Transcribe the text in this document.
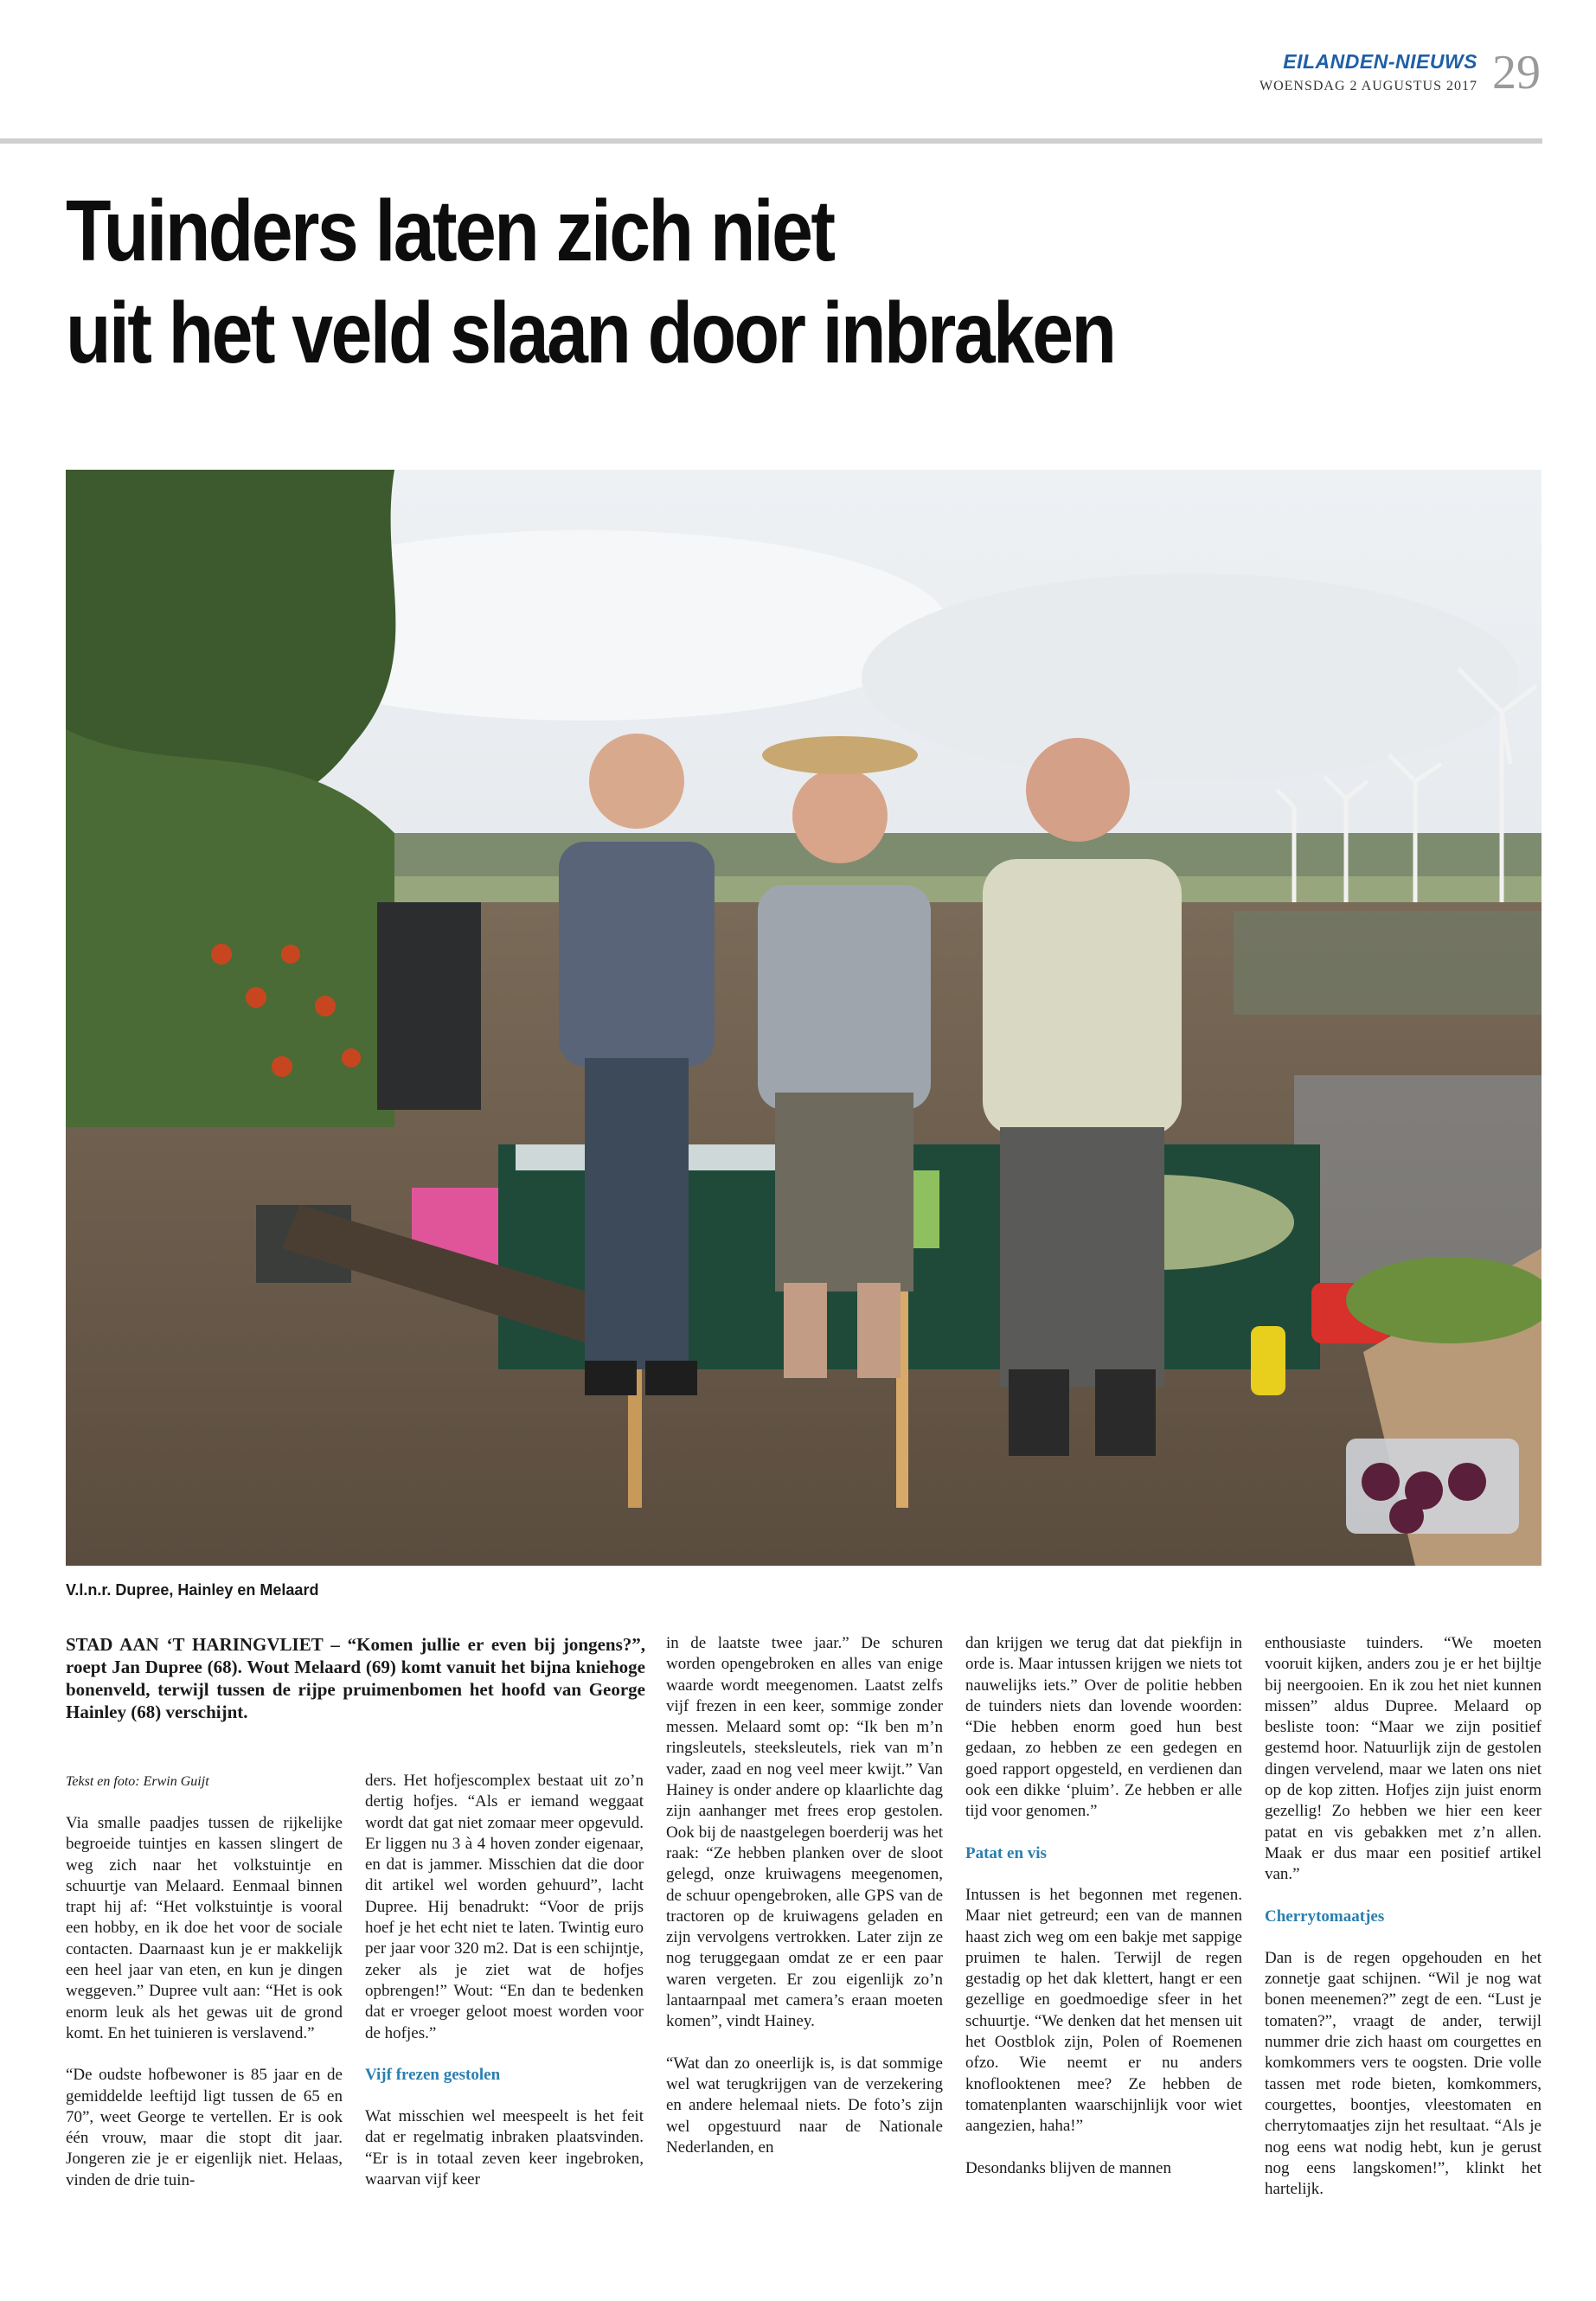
EILANDEN-NIEUWS
WOENSDAG 2 AUGUSTUS 2017 29
Tuinders laten zich niet
uit het veld slaan door inbraken
V.l.n.r. Dupree, Hainley en Melaard
STAD AAN ‘T HARINGVLIET – “Komen jullie er even bij jongens?”, roept Jan Dupree (68). Wout Melaard (69) komt vanuit het bijna kniehoge bonenveld, terwijl tussen de rijpe pruimenbomen het hoofd van George Hainley (68) verschijnt.
Tekst en foto: Erwin Guijt

Via smalle paadjes tussen de rijkelijke begroeide tuintjes en kassen slingert de weg zich naar het volkstuintje en schuurtje van Melaard. Eenmaal binnen trapt hij af: “Het volkstuintje is vooral een hobby, en ik doe het voor de sociale contacten. Daarnaast kun je er makkelijk een heel jaar van eten, en kun je dingen weggeven.” Dupree vult aan: “Het is ook enorm leuk als het gewas uit de grond komt. En het tuinieren is verslavend.”

“De oudste hofbewoner is 85 jaar en de gemiddelde leeftijd ligt tussen de 65 en 70”, weet George te vertellen. Er is ook één vrouw, maar die stopt dit jaar. Jongeren zie je er eigenlijk niet. Helaas, vinden de drie tuin-

ders. Het hofjescomplex bestaat uit zo’n dertig hofjes. “Als er iemand weggaat wordt dat gat niet zomaar meer opgevuld. Er liggen nu 3 à 4 hoven zonder eigenaar, en dat is jammer. Misschien dat die door dit artikel wel worden gehuurd”, lacht Dupree. Hij benadrukt: “Voor de prijs hoef je het echt niet te laten. Twintig euro per jaar voor 320 m2. Dat is een schijntje, zeker als je ziet wat de hofjes opbrengen!” Wout: “En dan te bedenken dat er vroeger geloot moest worden voor de hofjes.”

Vijf frezen gestolen

Wat misschien wel meespeelt is het feit dat er regelmatig inbraken plaatsvinden. “Er is in totaal zeven keer ingebroken, waarvan vijf keer

in de laatste twee jaar.” De schuren worden opengebroken en alles van enige waarde wordt meegenomen. Laatst zelfs vijf frezen in een keer, sommige zonder messen. Melaard somt op: “Ik ben m’n ringsleutels, steeksleutels, riek van m’n vader, zaad en nog veel meer kwijt.” Van Hainey is onder andere op klaarlichte dag zijn aanhanger met frees erop gestolen. Ook bij de naastgelegen boerderij was het raak: “Ze hebben planken over de sloot gelegd, onze kruiwagens meegenomen, de schuur opengebroken, alle GPS van de tractoren op de kruiwagens geladen en zijn vervolgens vertrokken. Later zijn ze nog teruggegaan omdat ze er een paar waren vergeten. Er zou eigenlijk zo’n lantaarnpaal met camera’s eraan moeten komen”, vindt Hainey.

“Wat dan zo oneerlijk is, is dat sommige wel wat terugkrijgen van de verzekering en andere helemaal niets. De foto’s zijn wel opgestuurd naar de Nationale Nederlanden, en

dan krijgen we terug dat dat piekfijn in orde is. Maar intussen krijgen we niets tot nauwelijks iets.” Over de politie hebben de tuinders niets dan lovende woorden: “Die hebben enorm goed hun best gedaan, zo hebben ze een gedegen en goed rapport opgesteld, en verdienen dan ook een dikke ‘pluim’. Ze hebben er alle tijd voor genomen.”

Patat en vis

Intussen is het begonnen met regenen. Maar niet getreurd; een van de mannen haast zich weg om een bakje met sappige pruimen te halen. Terwijl de regen gestadig op het dak klettert, hangt er een gezellige en goedmoedige sfeer in het schuurtje. “We denken dat het mensen uit het Oostblok zijn, Polen of Roemenen ofzo. Wie neemt er nu anders knoflooktenen mee? Ze hebben de tomatenplanten waarschijnlijk voor wiet aangezien, haha!”

Desondanks blijven de mannen

enthousiaste tuinders. “We moeten vooruit kijken, anders zou je er het bijltje bij neergooien. En ik zou het niet kunnen missen” aldus Dupree. Melaard op besliste toon: “Maar we zijn positief gestemd hoor. Natuurlijk zijn de gestolen dingen vervelend, maar we laten ons niet op de kop zitten. Hofjes zijn juist enorm gezellig! Zo hebben we hier een keer patat en vis gebakken met z’n allen. Maak er dus maar een positief artikel van.”

Cherrytomaatjes

Dan is de regen opgehouden en het zonnetje gaat schijnen. “Wil je nog wat bonen meenemen?” zegt de een. “Lust je tomaten?”, vraagt de ander, terwijl nummer drie zich haast om courgettes en komkommers vers te oogsten. Drie volle tassen met rode bieten, komkommers, courgettes, boontjes, vleestomaten en cherrytomaatjes zijn het resultaat. “Als je nog eens wat nodig hebt, kun je gerust nog eens langskomen!”, klinkt het hartelijk.
